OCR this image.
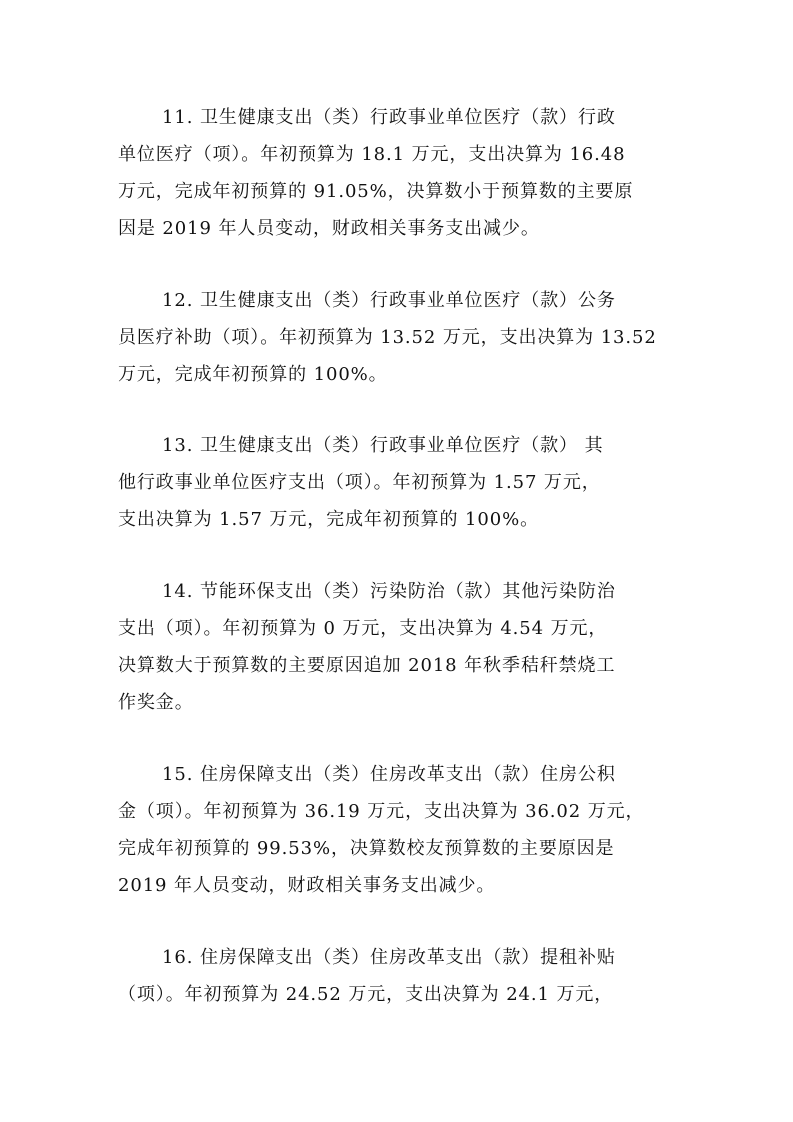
11. 卫生健康支出（类）行政事业单位医疗（款）行政
单位医疗（项）。年初预算为 18.1 万元，支出决算为 16.48
万元，完成年初预算的 91.05%，决算数小于预算数的主要原
因是 2019 年人员变动，财政相关事务支出减少。
12. 卫生健康支出（类）行政事业单位医疗（款）公务
员医疗补助（项）。年初预算为 13.52 万元，支出决算为 13.52
万元，完成年初预算的 100%。
13. 卫生健康支出（类）行政事业单位医疗（款） 其
他行政事业单位医疗支出（项）。年初预算为 1.57 万元，
支出决算为 1.57 万元，完成年初预算的 100%。
14. 节能环保支出（类）污染防治（款）其他污染防治
支出（项）。年初预算为 0 万元，支出决算为 4.54 万元，
决算数大于预算数的主要原因追加 2018 年秋季秸秆禁烧工
作奖金。
15. 住房保障支出（类）住房改革支出（款）住房公积
金（项）。年初预算为 36.19 万元，支出决算为 36.02 万元，
完成年初预算的 99.53%，决算数校友预算数的主要原因是
2019 年人员变动，财政相关事务支出减少。
16. 住房保障支出（类）住房改革支出（款）提租补贴
（项）。年初预算为 24.52 万元，支出决算为 24.1 万元，
